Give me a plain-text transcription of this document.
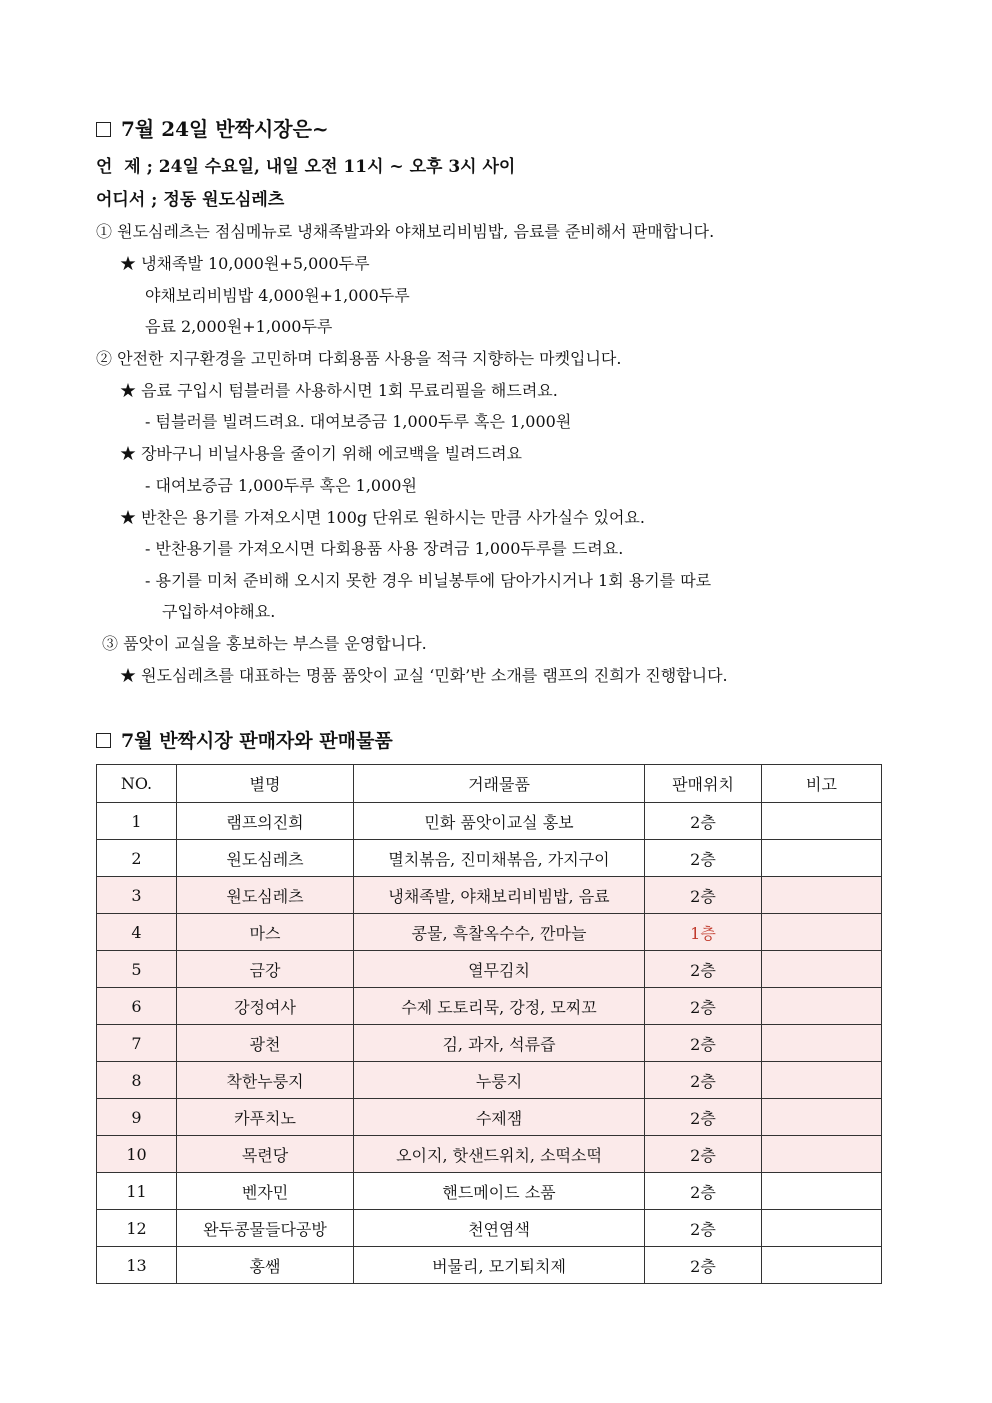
7월 24일 반짝시장은~
언  제 ; 24일 수요일, 내일 오전 11시 ~ 오후 3시 사이
어디서 ; 정동 원도심레츠
① 원도심레츠는 점심메뉴로 냉채족발과와 야채보리비빔밥, 음료를 준비해서 판매합니다.
★ 냉채족발 10,000원+5,000두루
야채보리비빔밥 4,000원+1,000두루
음료 2,000원+1,000두루
② 안전한 지구환경을 고민하며 다회용품 사용을 적극 지향하는 마켓입니다.
★ 음료 구입시 텀블러를 사용하시면 1회 무료리필을 해드려요.
- 텀블러를 빌려드려요. 대여보증금 1,000두루 혹은 1,000원
★ 장바구니 비닐사용을 줄이기 위해 에코백을 빌려드려요
- 대여보증금 1,000두루 혹은 1,000원
★ 반찬은 용기를 가져오시면 100g 단위로 원하시는 만큼 사가실수 있어요.
- 반찬용기를 가져오시면 다회용품 사용 장려금 1,000두루를 드려요.
- 용기를 미처 준비해 오시지 못한 경우 비닐봉투에 담아가시거나 1회 용기를 따로
구입하셔야해요.
③ 품앗이 교실을 홍보하는 부스를 운영합니다.
★ 원도심레츠를 대표하는 명품 품앗이 교실 ‘민화’반 소개를 램프의 진희가 진행합니다.
7월 반짝시장 판매자와 판매물품
NO.	별명	거래물품	판매위치	비고
1	램프의진희	민화 품앗이교실 홍보	2층	
2	원도심레츠	멸치볶음, 진미채볶음, 가지구이	2층	
3	원도심레츠	냉채족발, 야채보리비빔밥, 음료	2층	
4	마스	콩물, 흑찰옥수수, 깐마늘	1층	
5	금강	열무김치	2층	
6	강정여사	수제 도토리묵, 강정, 모찌꼬	2층	
7	광천	김, 과자, 석류즙	2층	
8	착한누룽지	누룽지	2층	
9	카푸치노	수제잼	2층	
10	목련당	오이지, 핫샌드위치, 소떡소떡	2층	
11	벤자민	핸드메이드 소품	2층	
12	완두콩물들다공방	천연염색	2층	
13	홍쌤	버물리, 모기퇴치제	2층	
